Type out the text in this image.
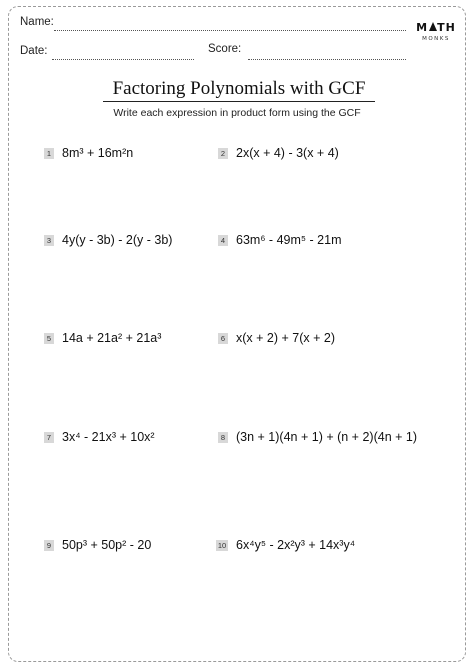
Name:
Date:	Score:
M TH
MONKS
Factoring Polynomials with GCF
Write each expression in product form using the GCF
1 8m³ + 16m²n	2 2x(x + 4) - 3(x + 4)
3 4y(y - 3b) - 2(y - 3b)	4 63m⁶ - 49m⁵ - 21m
5 14a + 21a² + 21a³	6 x(x + 2) + 7(x + 2)
7 3x⁴ - 21x³ + 10x²	8 (3n + 1)(4n + 1) + (n + 2)(4n + 1)
9 50p³ + 50p² - 20	10 6x⁴y⁵ - 2x²y³ + 14x³y⁴
